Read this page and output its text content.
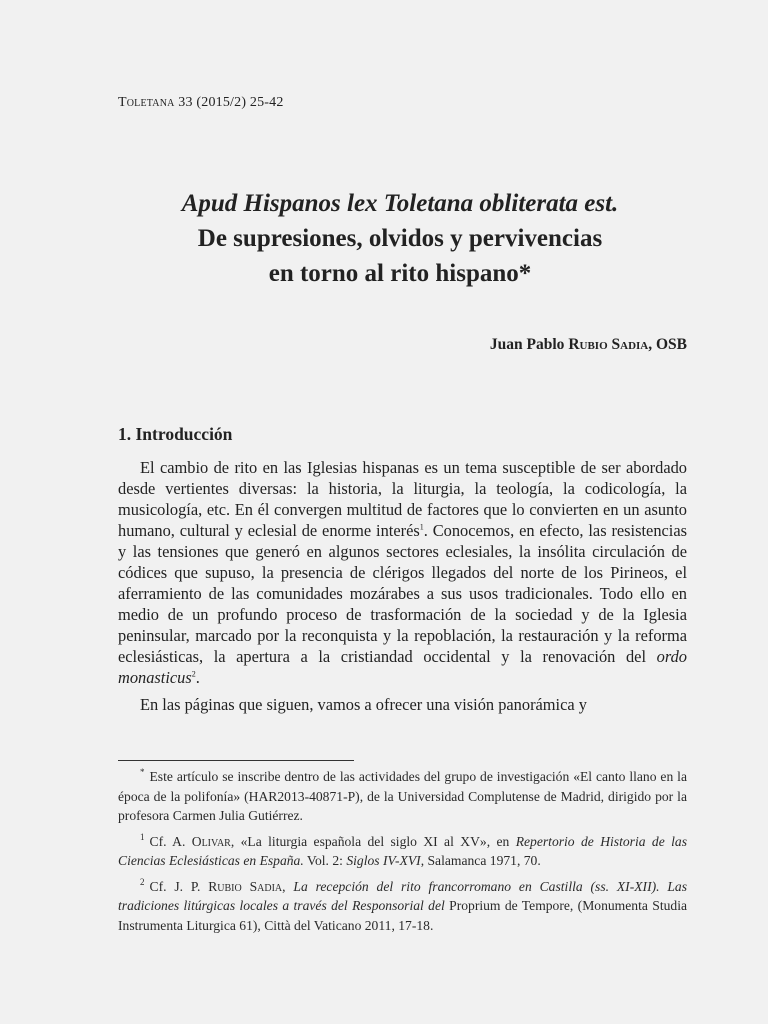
Toletana 33 (2015/2) 25-42
Apud Hispanos lex Toletana obliterata est.
De supresiones, olvidos y pervivencias
en torno al rito hispano*
Juan Pablo Rubio Sadia, OSB
1. Introducción

El cambio de rito en las Iglesias hispanas es un tema susceptible de ser abordado desde vertientes diversas: la historia, la liturgia, la teología, la codicología, la musicología, etc. En él convergen multitud de factores que lo convierten en un asunto humano, cultural y eclesial de enorme interés$^1$. Conocemos, en efecto, las resistencias y las tensiones que generó en algunos sectores eclesiales, la insólita circulación de códices que supuso, la presencia de clérigos llegados del norte de los Pirineos, el aferramiento de las comunidades mozárabes a sus usos tradicionales. Todo ello en medio de un profundo proceso de trasformación de la sociedad y de la Iglesia peninsular, marcado por la reconquista y la repoblación, la restauración y la reforma eclesiásticas, la apertura a la cristiandad occidental y la renovación del ordo monasticus$^2$.

En las páginas que siguen, vamos a ofrecer una visión panorámica y

* Este artículo se inscribe dentro de las actividades del grupo de investigación «El canto llano en la época de la polifonía» (HAR2013-40871-P), de la Universidad Complutense de Madrid, dirigido por la profesora Carmen Julia Gutiérrez.

$^1$ Cf. A. Olivar, «La liturgia española del siglo XI al XV», en Repertorio de Historia de las Ciencias Eclesiásticas en España. Vol. 2: Siglos IV-XVI, Salamanca 1971, 70.

$^2$ Cf. J. P. Rubio Sadia, La recepción del rito francorromano en Castilla (ss. XI-XII). Las tradiciones litúrgicas locales a través del Responsorial del Proprium de Tempore, (Monumenta Studia Instrumenta Liturgica 61), Città del Vaticano 2011, 17-18.
